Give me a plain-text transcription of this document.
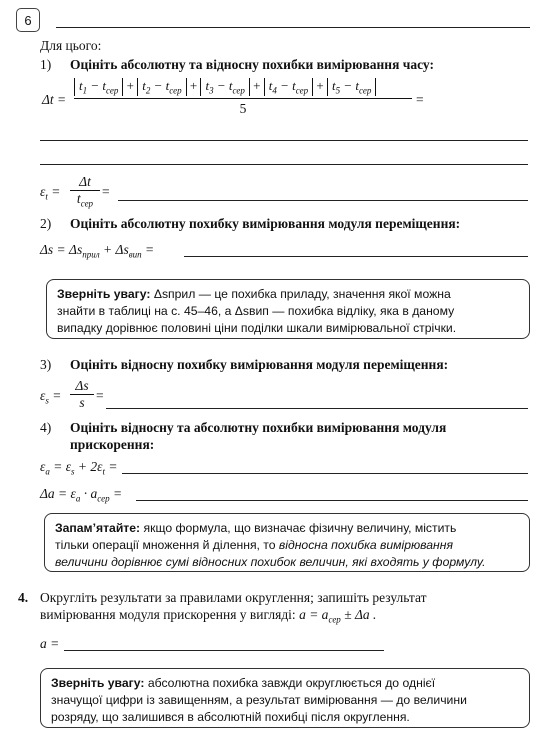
6
Для цього:
1) Оцініть абсолютну та відносну похибки вимірювання часу:
Δt =
$t_1 - t_{сер} + t_2 - t_{сер} + t_3 - t_{сер} + t_4 - t_{сер} + t_5 - t_{сер}$
5
=
$\varepsilon_t$ =
Δt
$t_{сер}$
=
2) Оцініть абсолютну похибку вимірювання модуля переміщення:
$\Delta s = \Delta s_{прил} + \Delta s_{вип}$ =
Зверніть увагу: Δsприл — це похибка приладу, значення якої можна
знайти в таблиці на с. 45–46, а Δsвип — похибка відліку, яка в даному
випадку дорівнює половині ціни поділки шкали вимірювальної стрічки.
3) Оцініть відносну похибку вимірювання модуля переміщення:
$\varepsilon_s = \frac{\Delta s}{s}$ =
4) Оцініть відносну та абсолютну похибки вимірювання модуля
прискорення:
$\varepsilon_a = \varepsilon_s + 2\varepsilon_t$ =
$\Delta a = \varepsilon_a \cdot a_{сер}$ =
Запам’ятайте: якщо формула, що визначає фізичну величину, містить
тільки операції множення й ділення, то відносна похибка вимірювання
величини дорівнює сумі відносних похибок величин, які входять у формулу.
4. Округліть результати за правилами округлення; запишіть результат
вимірювання модуля прискорення у вигляді: $a = a_{сер} \pm \Delta a$ .
a =
Зверніть увагу: абсолютна похибка завжди округлюється до однієї
значущої цифри із завищенням, а результат вимірювання — до величини
розряду, що залишився в абсолютній похибці після округлення.
